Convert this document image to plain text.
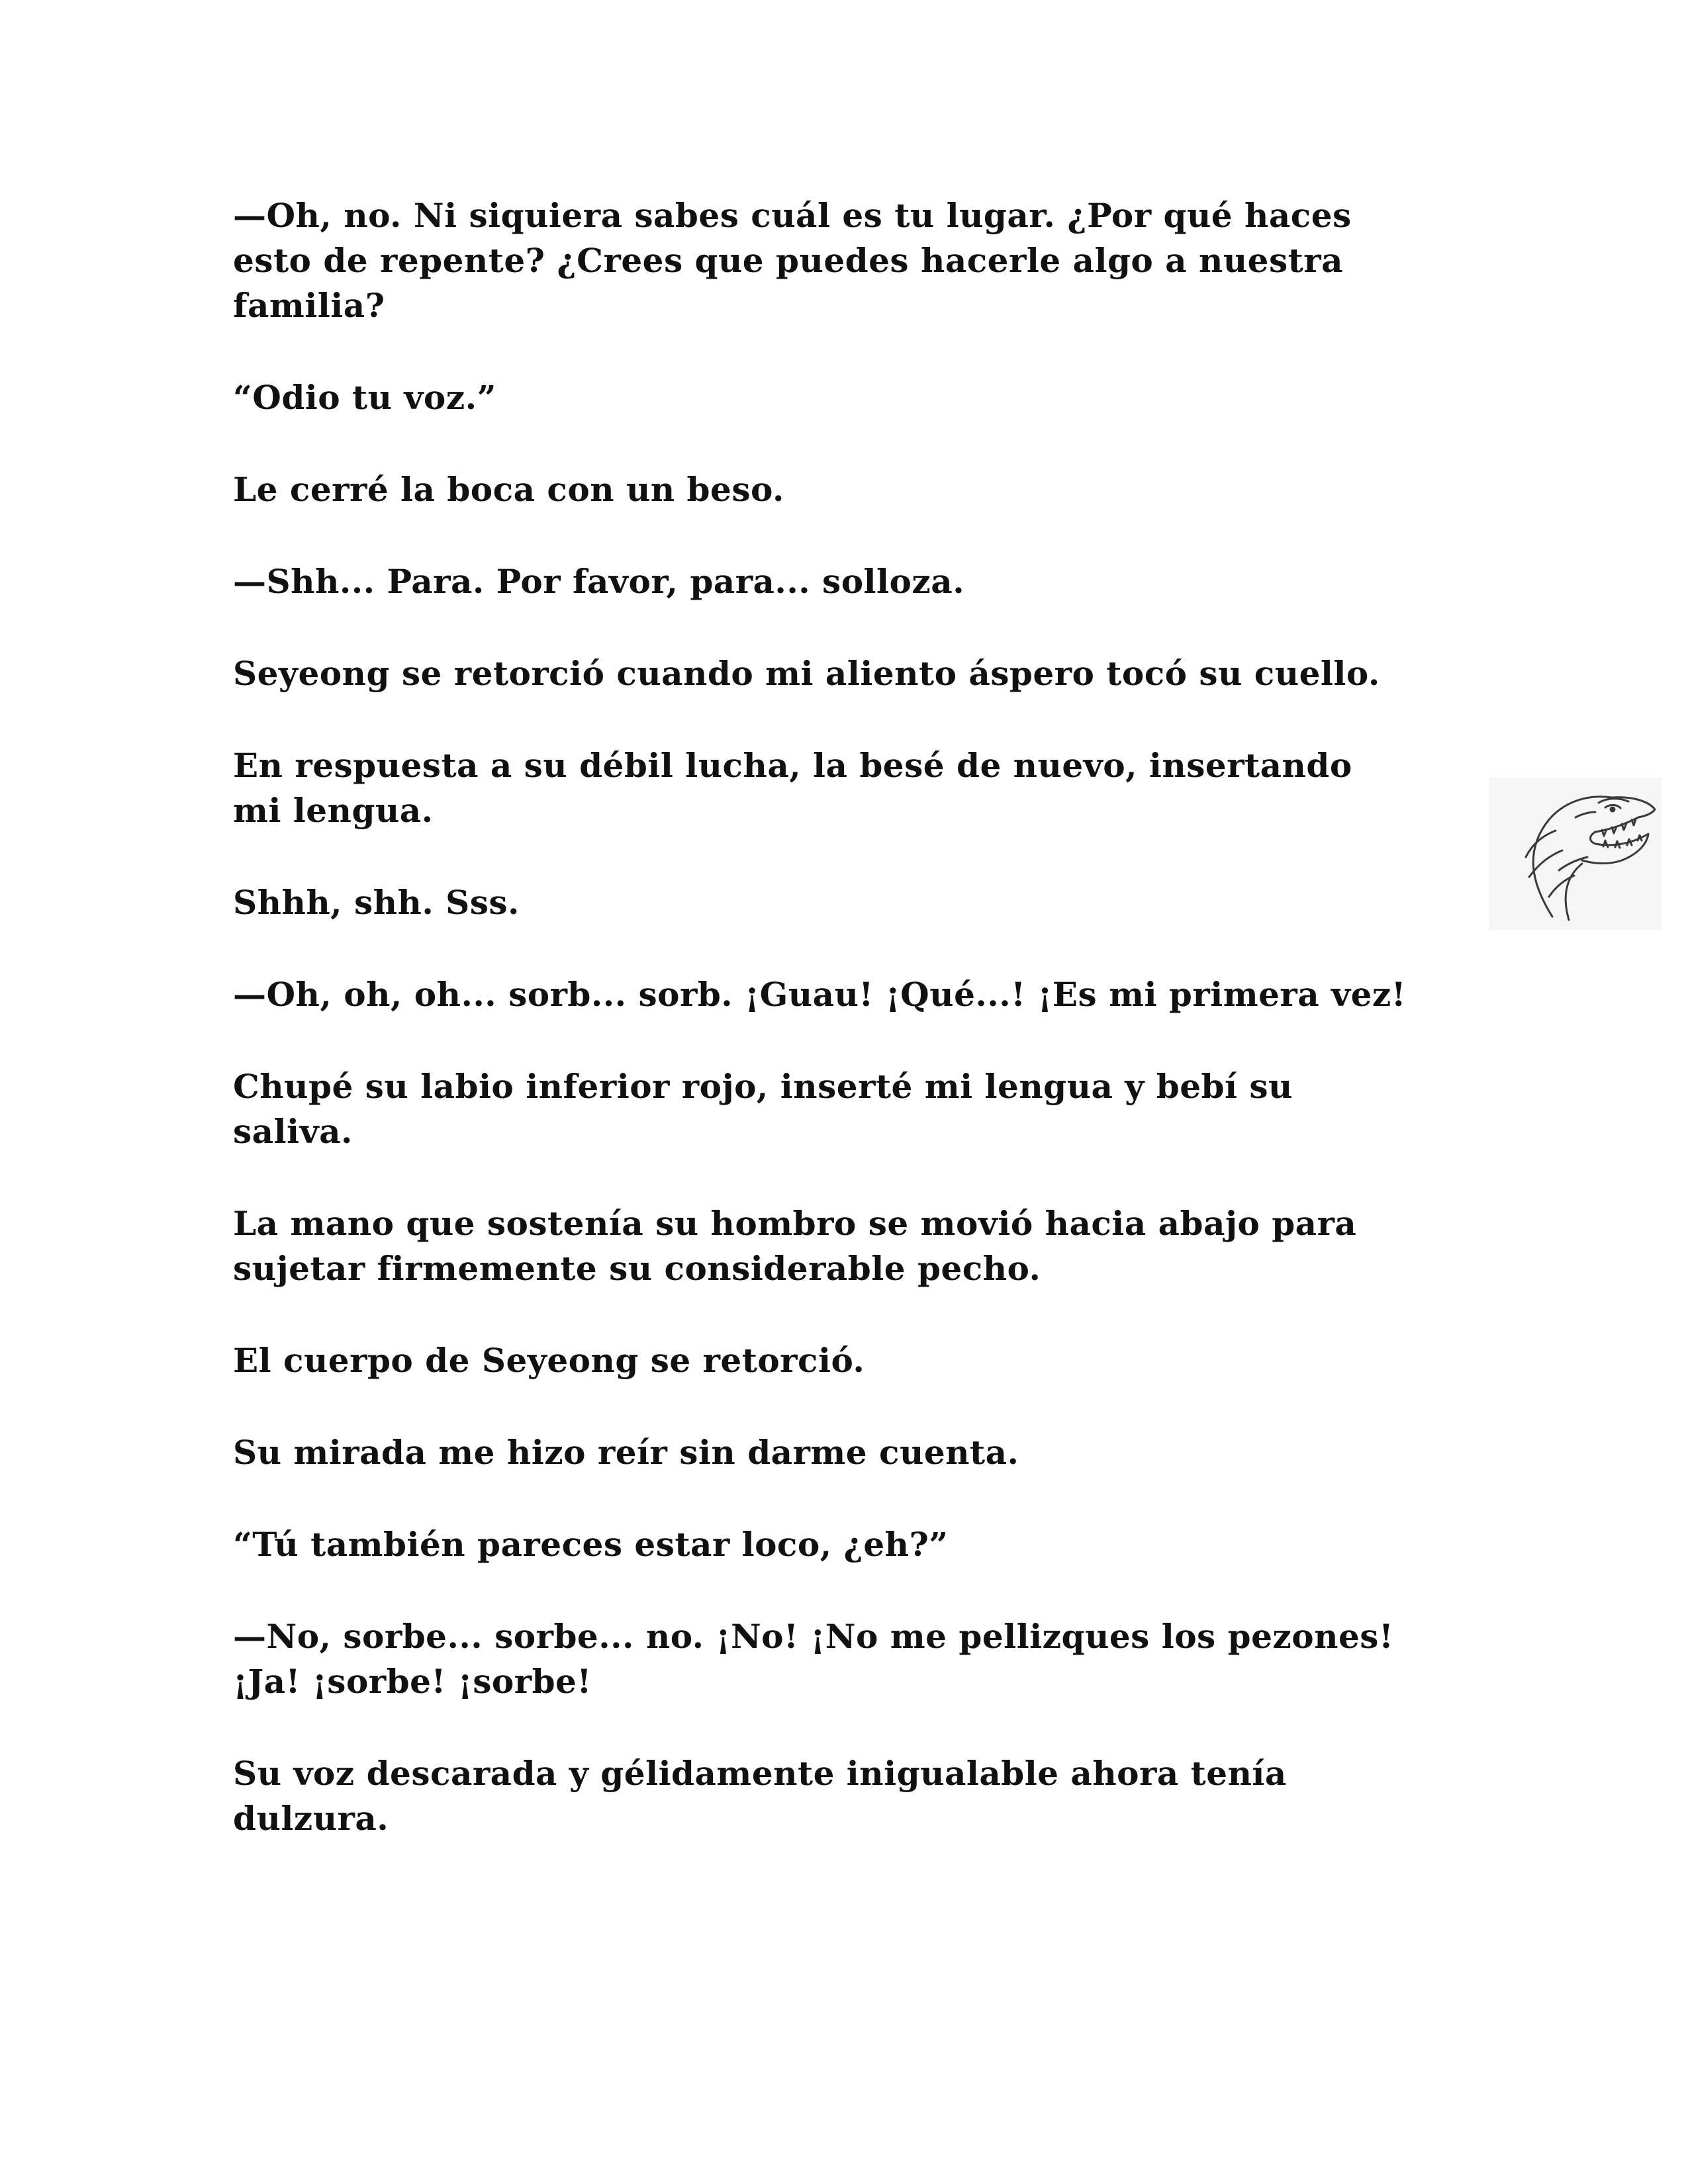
—Oh, no. Ni siquiera sabes cuál es tu lugar. ¿Por qué haces
esto de repente? ¿Crees que puedes hacerle algo a nuestra
familia?

“Odio tu voz.”

Le cerré la boca con un beso.

—Shh... Para. Por favor, para... solloza.

Seyeong se retorció cuando mi aliento áspero tocó su cuello.

En respuesta a su débil lucha, la besé de nuevo, insertando
mi lengua.

Shhh, shh. Sss.

—Oh, oh, oh... sorb... sorb. ¡Guau! ¡Qué...! ¡Es mi primera vez!

Chupé su labio inferior rojo, inserté mi lengua y bebí su
saliva.

La mano que sostenía su hombro se movió hacia abajo para
sujetar firmemente su considerable pecho.

El cuerpo de Seyeong se retorció.

Su mirada me hizo reír sin darme cuenta.

“Tú también pareces estar loco, ¿eh?”

—No, sorbe... sorbe... no. ¡No! ¡No me pellizques los pezones!
¡Ja! ¡sorbe! ¡sorbe!

Su voz descarada y gélidamente inigualable ahora tenía
dulzura.
